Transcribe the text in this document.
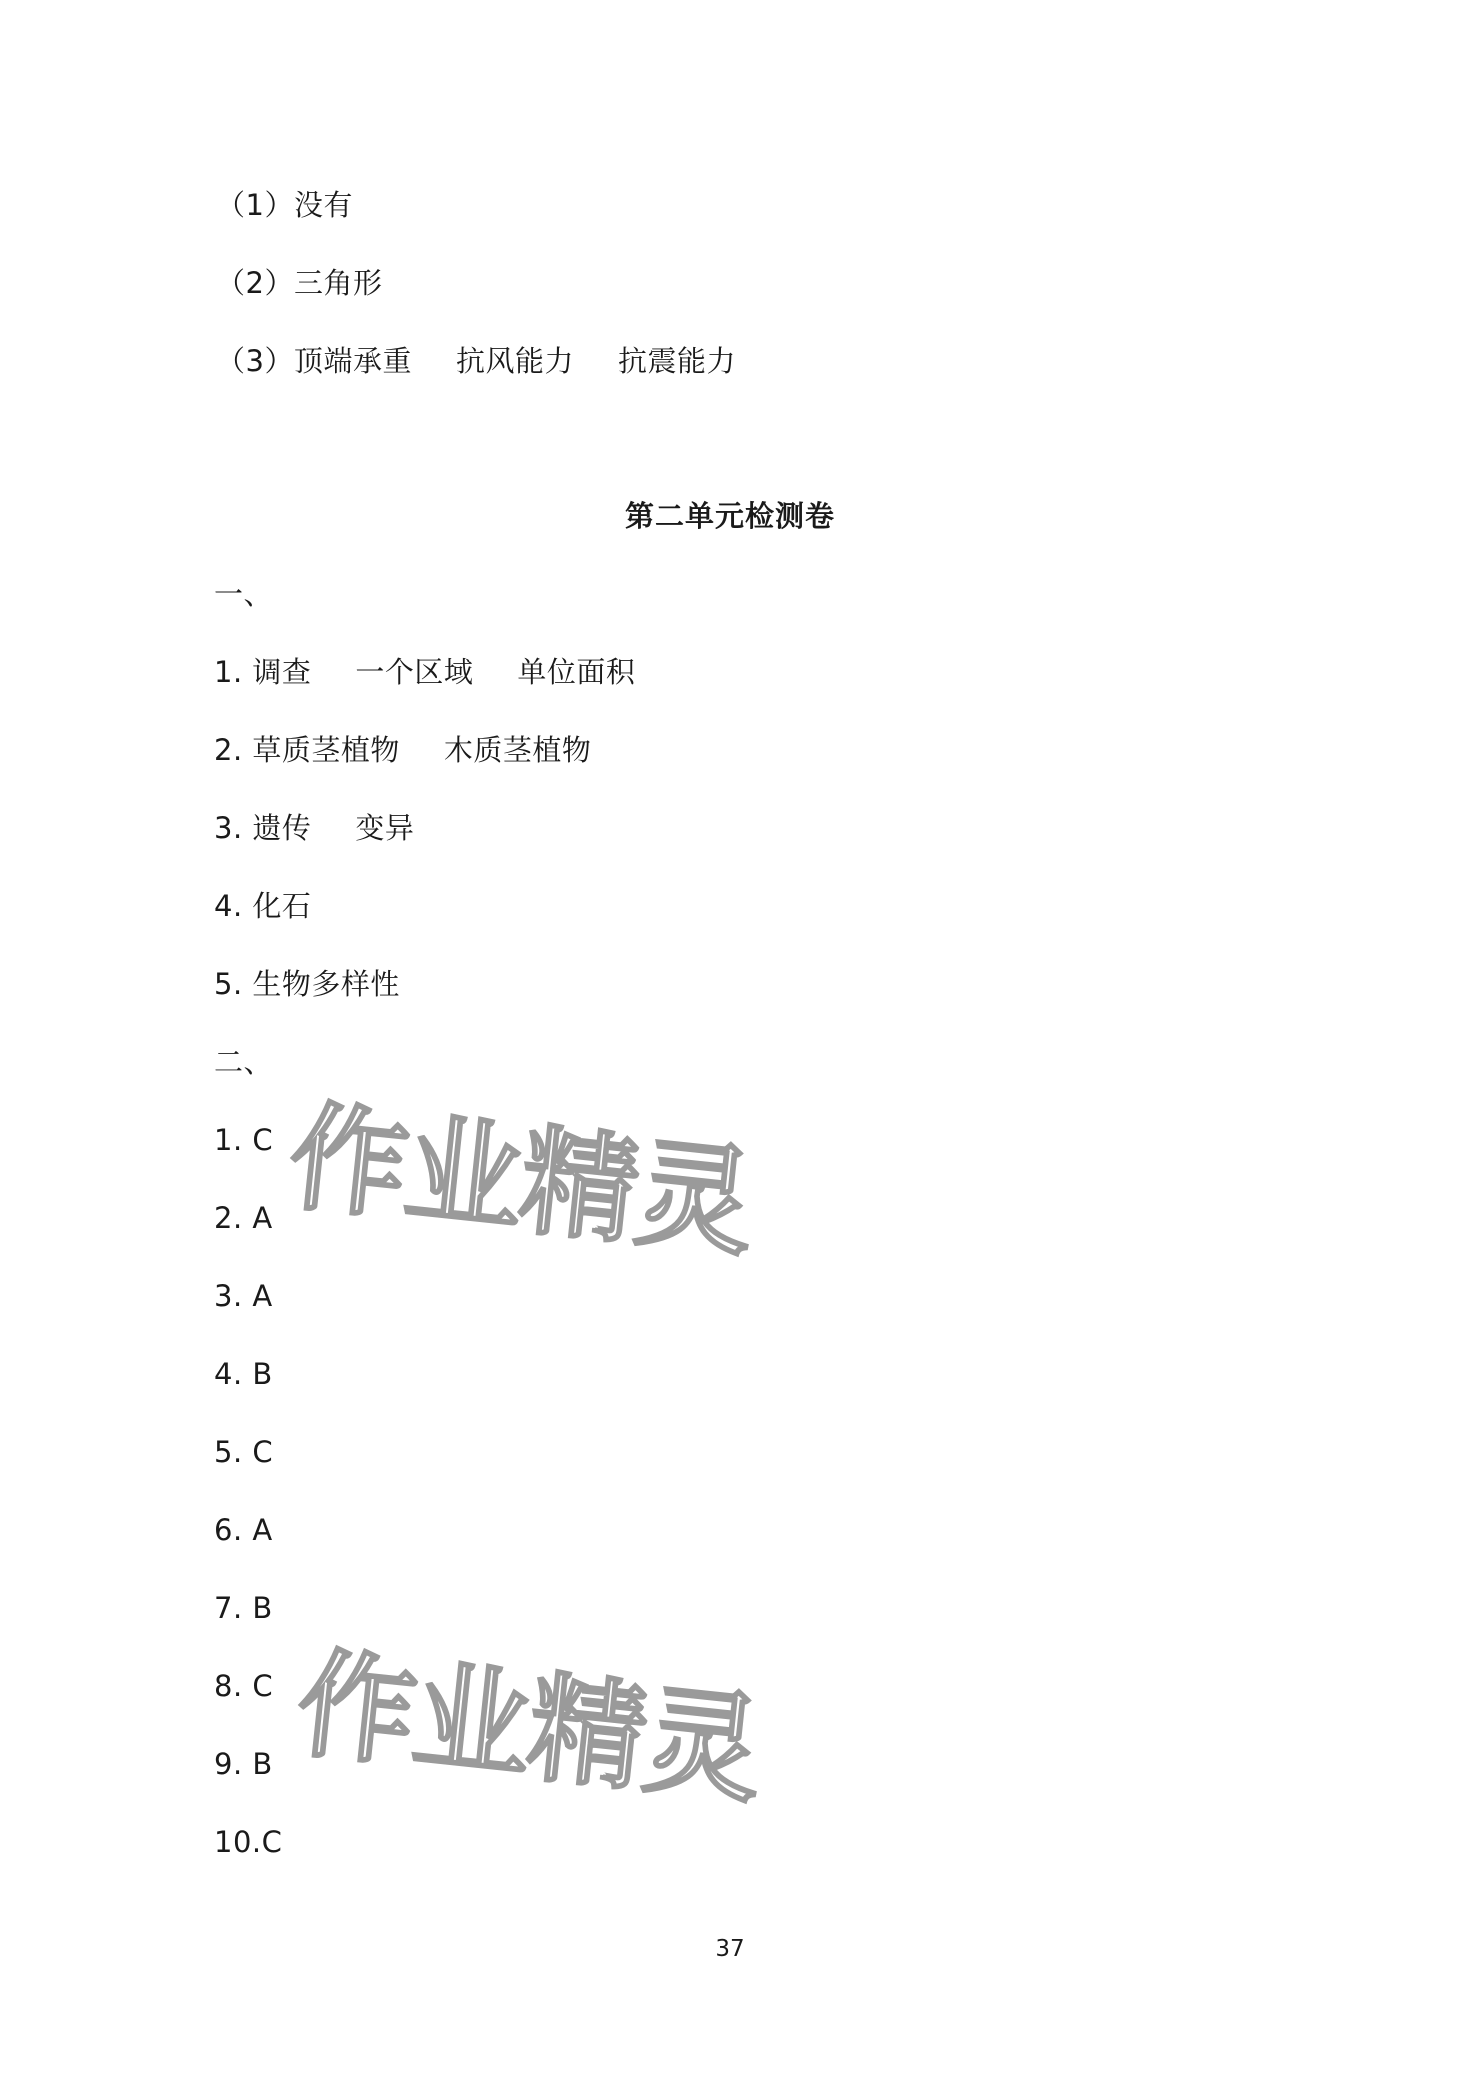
（1）没有
（2）三角形
（3）顶端承重 抗风能力 抗震能力
第二单元检测卷
一、
1. 调查 一个区域 单位面积
2. 草质茎植物 木质茎植物
3. 遗传 变异
4. 化石
5. 生物多样性
二、
1. C
2. A
3. A
4. B
5. C
6. A
7. B
8. C
9. B
10.C
作业精灵
作业精灵
37
